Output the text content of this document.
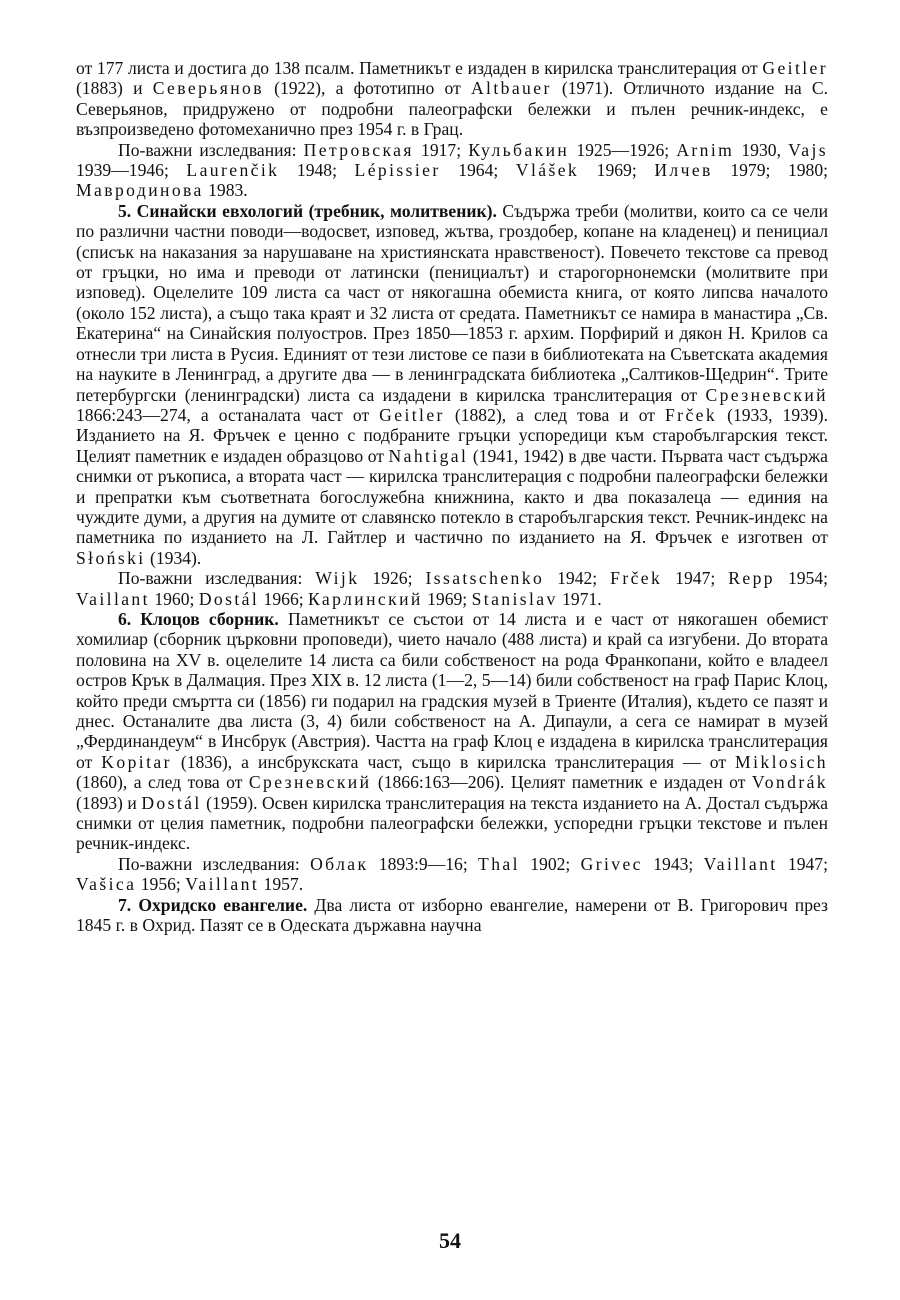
от 177 листа и достига до 138 псалм. Паметникът е издаден в кирилска транслитерация от Geitler (1883) и Северьянов (1922), а фототипно от Altbauer (1971). Отличното издание на С. Северьянов, придружено от подробни палеографски бележки и пълен речник-индекс, е възпроизведено фотомеханично през 1954 г. в Грац.

По-важни изследвания: Петровская 1917; Кульбакин 1925—1926; Arnim 1930, Vajs 1939—1946; Laurenčik 1948; Lépissier 1964; Vlášek 1969; Илчев 1979; 1980; Мавродинова 1983.

5. Синайски евхологий (требник, молитвеник). Съдържа треби (молитви, които са се чели по различни частни поводи—водосвет, изповед, жътва, гроздобер, копане на кладенец) и пенициал (списък на наказания за нарушаване на християнската нравственост). Повечето текстове са превод от гръцки, но има и преводи от латински (пенициалът) и старогорнонемски (молитвите при изповед). Оцелелите 109 листа са част от някогашна обемиста книга, от която липсва началото (около 152 листа), а също така краят и 32 листа от средата. Паметникът се намира в манастира „Св. Екатерина“ на Синайския полуостров. През 1850—1853 г. архим. Порфирий и дякон Н. Крилов са отнесли три листа в Русия. Единият от тези листове се пази в библиотеката на Съветската академия на науките в Ленинград, а другите два — в ленинградската библиотека „Салтиков-Щедрин“. Трите петербургски (ленинградски) листа са издадени в кирилска транслитерация от Срезневский 1866:243—274, а останалата част от Geitler (1882), а след това и от Frček (1933, 1939). Изданието на Я. Фръчек е ценно с подбраните гръцки успоредици към старобългарския текст. Целият паметник е издаден образцово от Nahtigal (1941, 1942) в две части. Първата част съдържа снимки от ръкописа, а втората част — кирилска транслитерация с подробни палеографски бележки и препратки към съответната богослужебна книжнина, както и два показалеца — единия на чуждите думи, а другия на думите от славянско потекло в старобългарския текст. Речник-индекс на паметника по изданието на Л. Гайтлер и частично по изданието на Я. Фръчек е изготвен от Słoński (1934).

По-важни изследвания: Wijk 1926; Issatschenko 1942; Frček 1947; Repp 1954; Vaillant 1960; Dostál 1966; Карлинский 1969; Stanislav 1971.

6. Клоцов сборник. Паметникът се състои от 14 листа и е част от някогашен обемист хомилиар (сборник църковни проповеди), чието начало (488 листа) и край са изгубени. До втората половина на XV в. оцелелите 14 листа са били собственост на рода Франкопани, който е владеел остров Крък в Далмация. През XIX в. 12 листа (1—2, 5—14) били собственост на граф Парис Клоц, който преди смъртта си (1856) ги подарил на градския музей в Триенте (Италия), където се пазят и днес. Останалите два листа (3, 4) били собственост на А. Дипаули, а сега се намират в музей „Фердинандеум“ в Инсбрук (Австрия). Частта на граф Клоц е издадена в кирилска транслитерация от Kopitar (1836), а инсбрукската част, също в кирилска транслитерация — от Miklosich (1860), а след това от Срезневский (1866:163—206). Целият паметник е издаден от Vondrák (1893) и Dostál (1959). Освен кирилска транслитерация на текста изданието на А. Достал съдържа снимки от целия паметник, подробни палеографски бележки, успоредни гръцки текстове и пълен речник-индекс.

По-важни изследвания: Облак 1893:9—16; Thal 1902; Grivec 1943; Vaillant 1947; Vašica 1956; Vaillant 1957.

7. Охридско евангелие. Два листа от изборно евангелие, намерени от В. Григорович през 1845 г. в Охрид. Пазят се в Одеската държавна научна

54
